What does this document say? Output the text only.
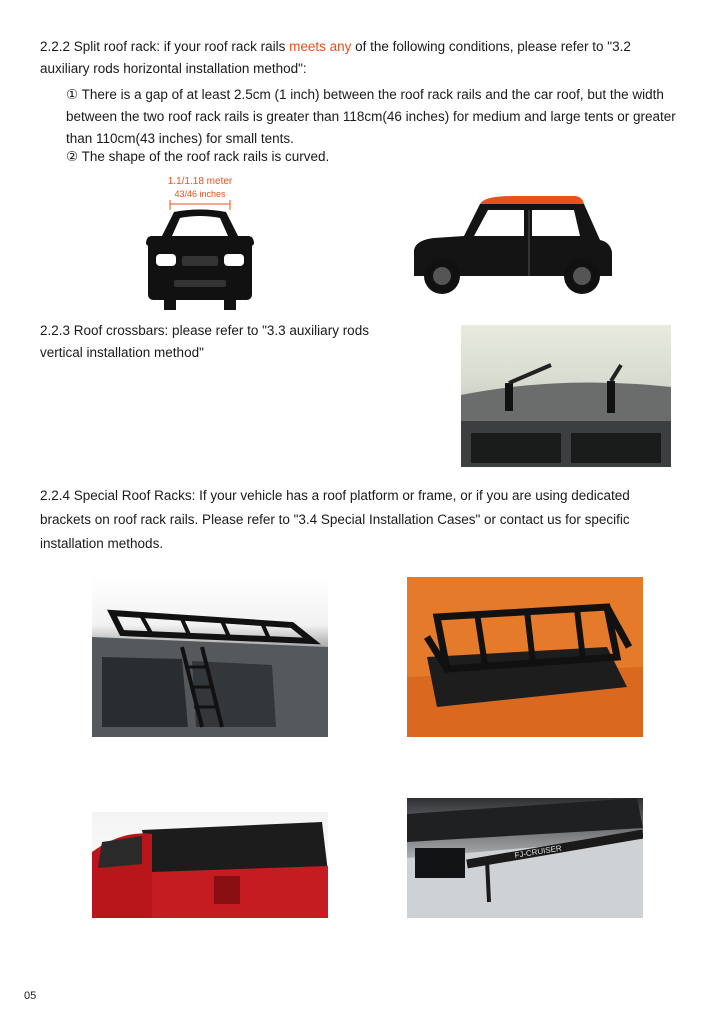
2.2.2 Split roof rack: if your roof rack rails meets any of the following conditions, please refer to "3.2 auxiliary rods horizontal installation method":
① There is a gap of at least 2.5cm (1 inch) between the roof rack rails and the car roof, but the width between the two roof rack rails is greater than 118cm(46 inches) for medium and large tents or greater than 110cm(43 inches) for small tents.
② The shape of the roof rack rails is curved.
1.1/1.18 meter
43/46 inches
2.2.3 Roof crossbars: please refer to "3.3 auxiliary rods vertical installation method"
2.2.4 Special Roof Racks: If your vehicle has a roof platform or frame, or if you are using dedicated brackets on roof rack rails. Please refer to "3.4 Special Installation Cases" or contact us for specific installation methods.
FJ-CRUISER
05
